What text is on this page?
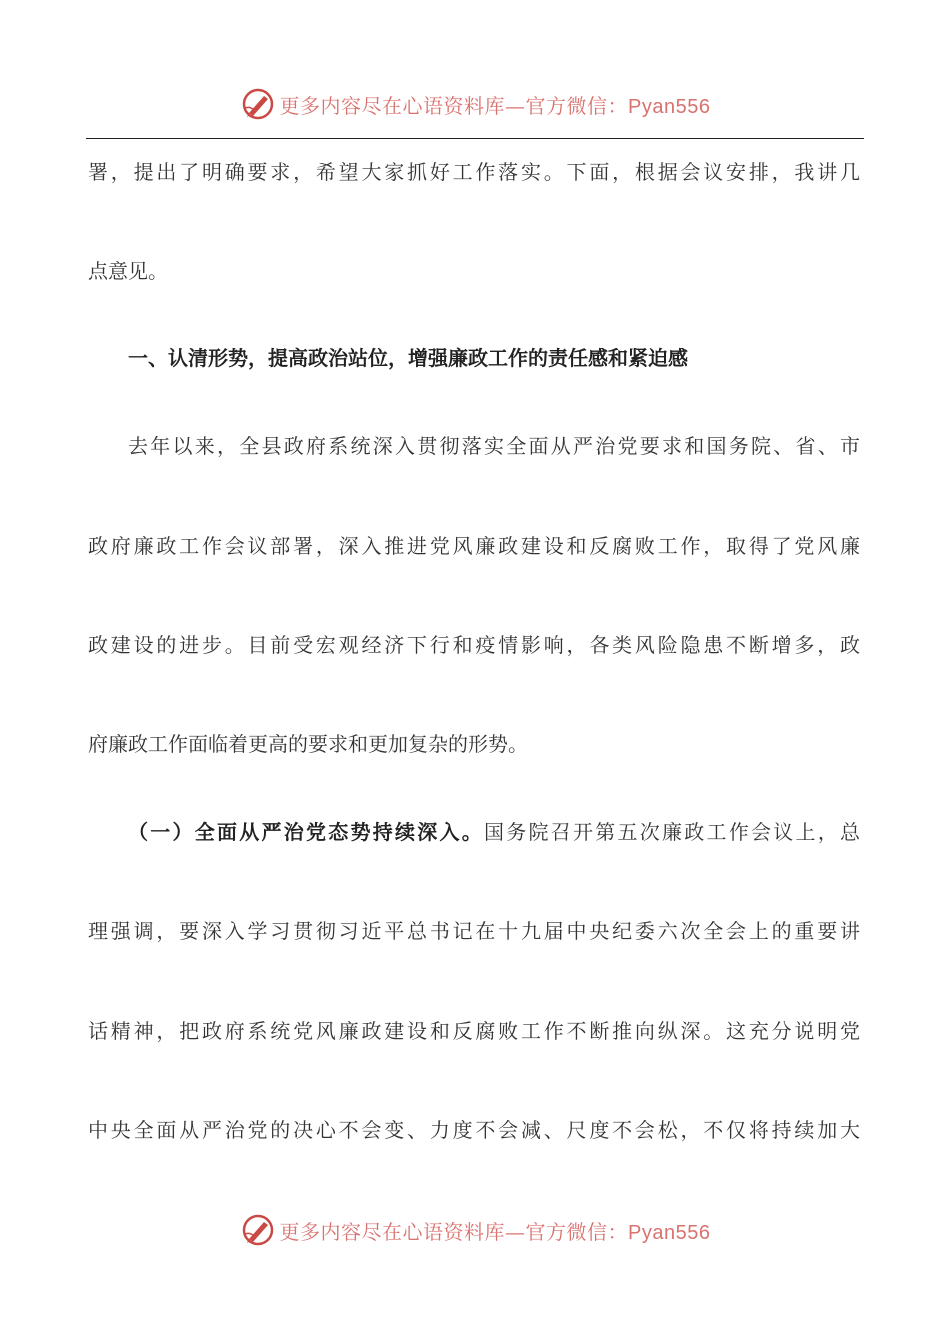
更多内容尽在心语资料库—官方微信：Pyan556
署，提出了明确要求，希望大家抓好工作落实。下面，根据会议安排，我讲几
点意见。
一、认清形势，提高政治站位，增强廉政工作的责任感和紧迫感
去年以来，全县政府系统深入贯彻落实全面从严治党要求和国务院、省、市
政府廉政工作会议部署，深入推进党风廉政建设和反腐败工作，取得了党风廉
政建设的进步。目前受宏观经济下行和疫情影响，各类风险隐患不断增多，政
府廉政工作面临着更高的要求和更加复杂的形势。
（一）全面从严治党态势持续深入。国务院召开第五次廉政工作会议上，总
理强调，要深入学习贯彻习近平总书记在十九届中央纪委六次全会上的重要讲
话精神，把政府系统党风廉政建设和反腐败工作不断推向纵深。这充分说明党
中央全面从严治党的决心不会变、力度不会减、尺度不会松，不仅将持续加大
更多内容尽在心语资料库—官方微信：Pyan556
